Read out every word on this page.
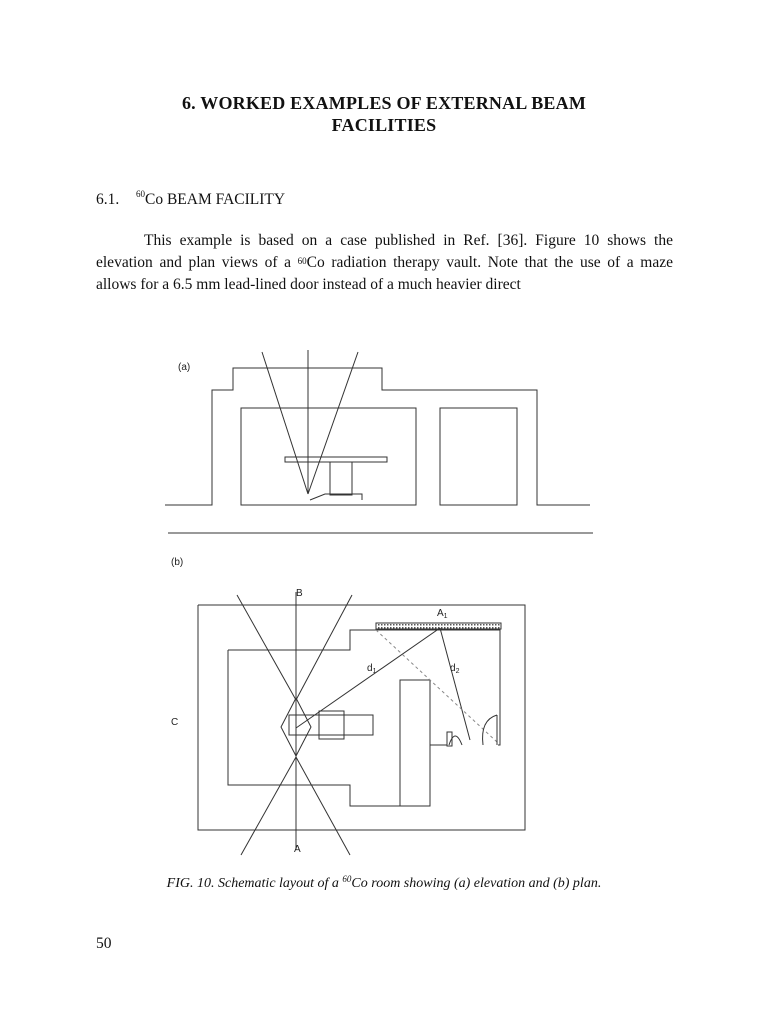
6. WORKED EXAMPLES OF EXTERNAL BEAM
FACILITIES
6.1. $^{60}$Co BEAM FACILITY
This example is based on a case published in Ref. [36]. Figure 10 shows the elevation and plan views of a $^{60}$Co radiation therapy vault. Note that the use of a maze allows for a 6.5 mm lead-lined door instead of a much heavier direct
(a)
(b)
B
A
C
$A_1$
$d_1$	$d_2$
FIG. 10. Schematic layout of a $^{60}$Co room showing (a) elevation and (b) plan.
50
